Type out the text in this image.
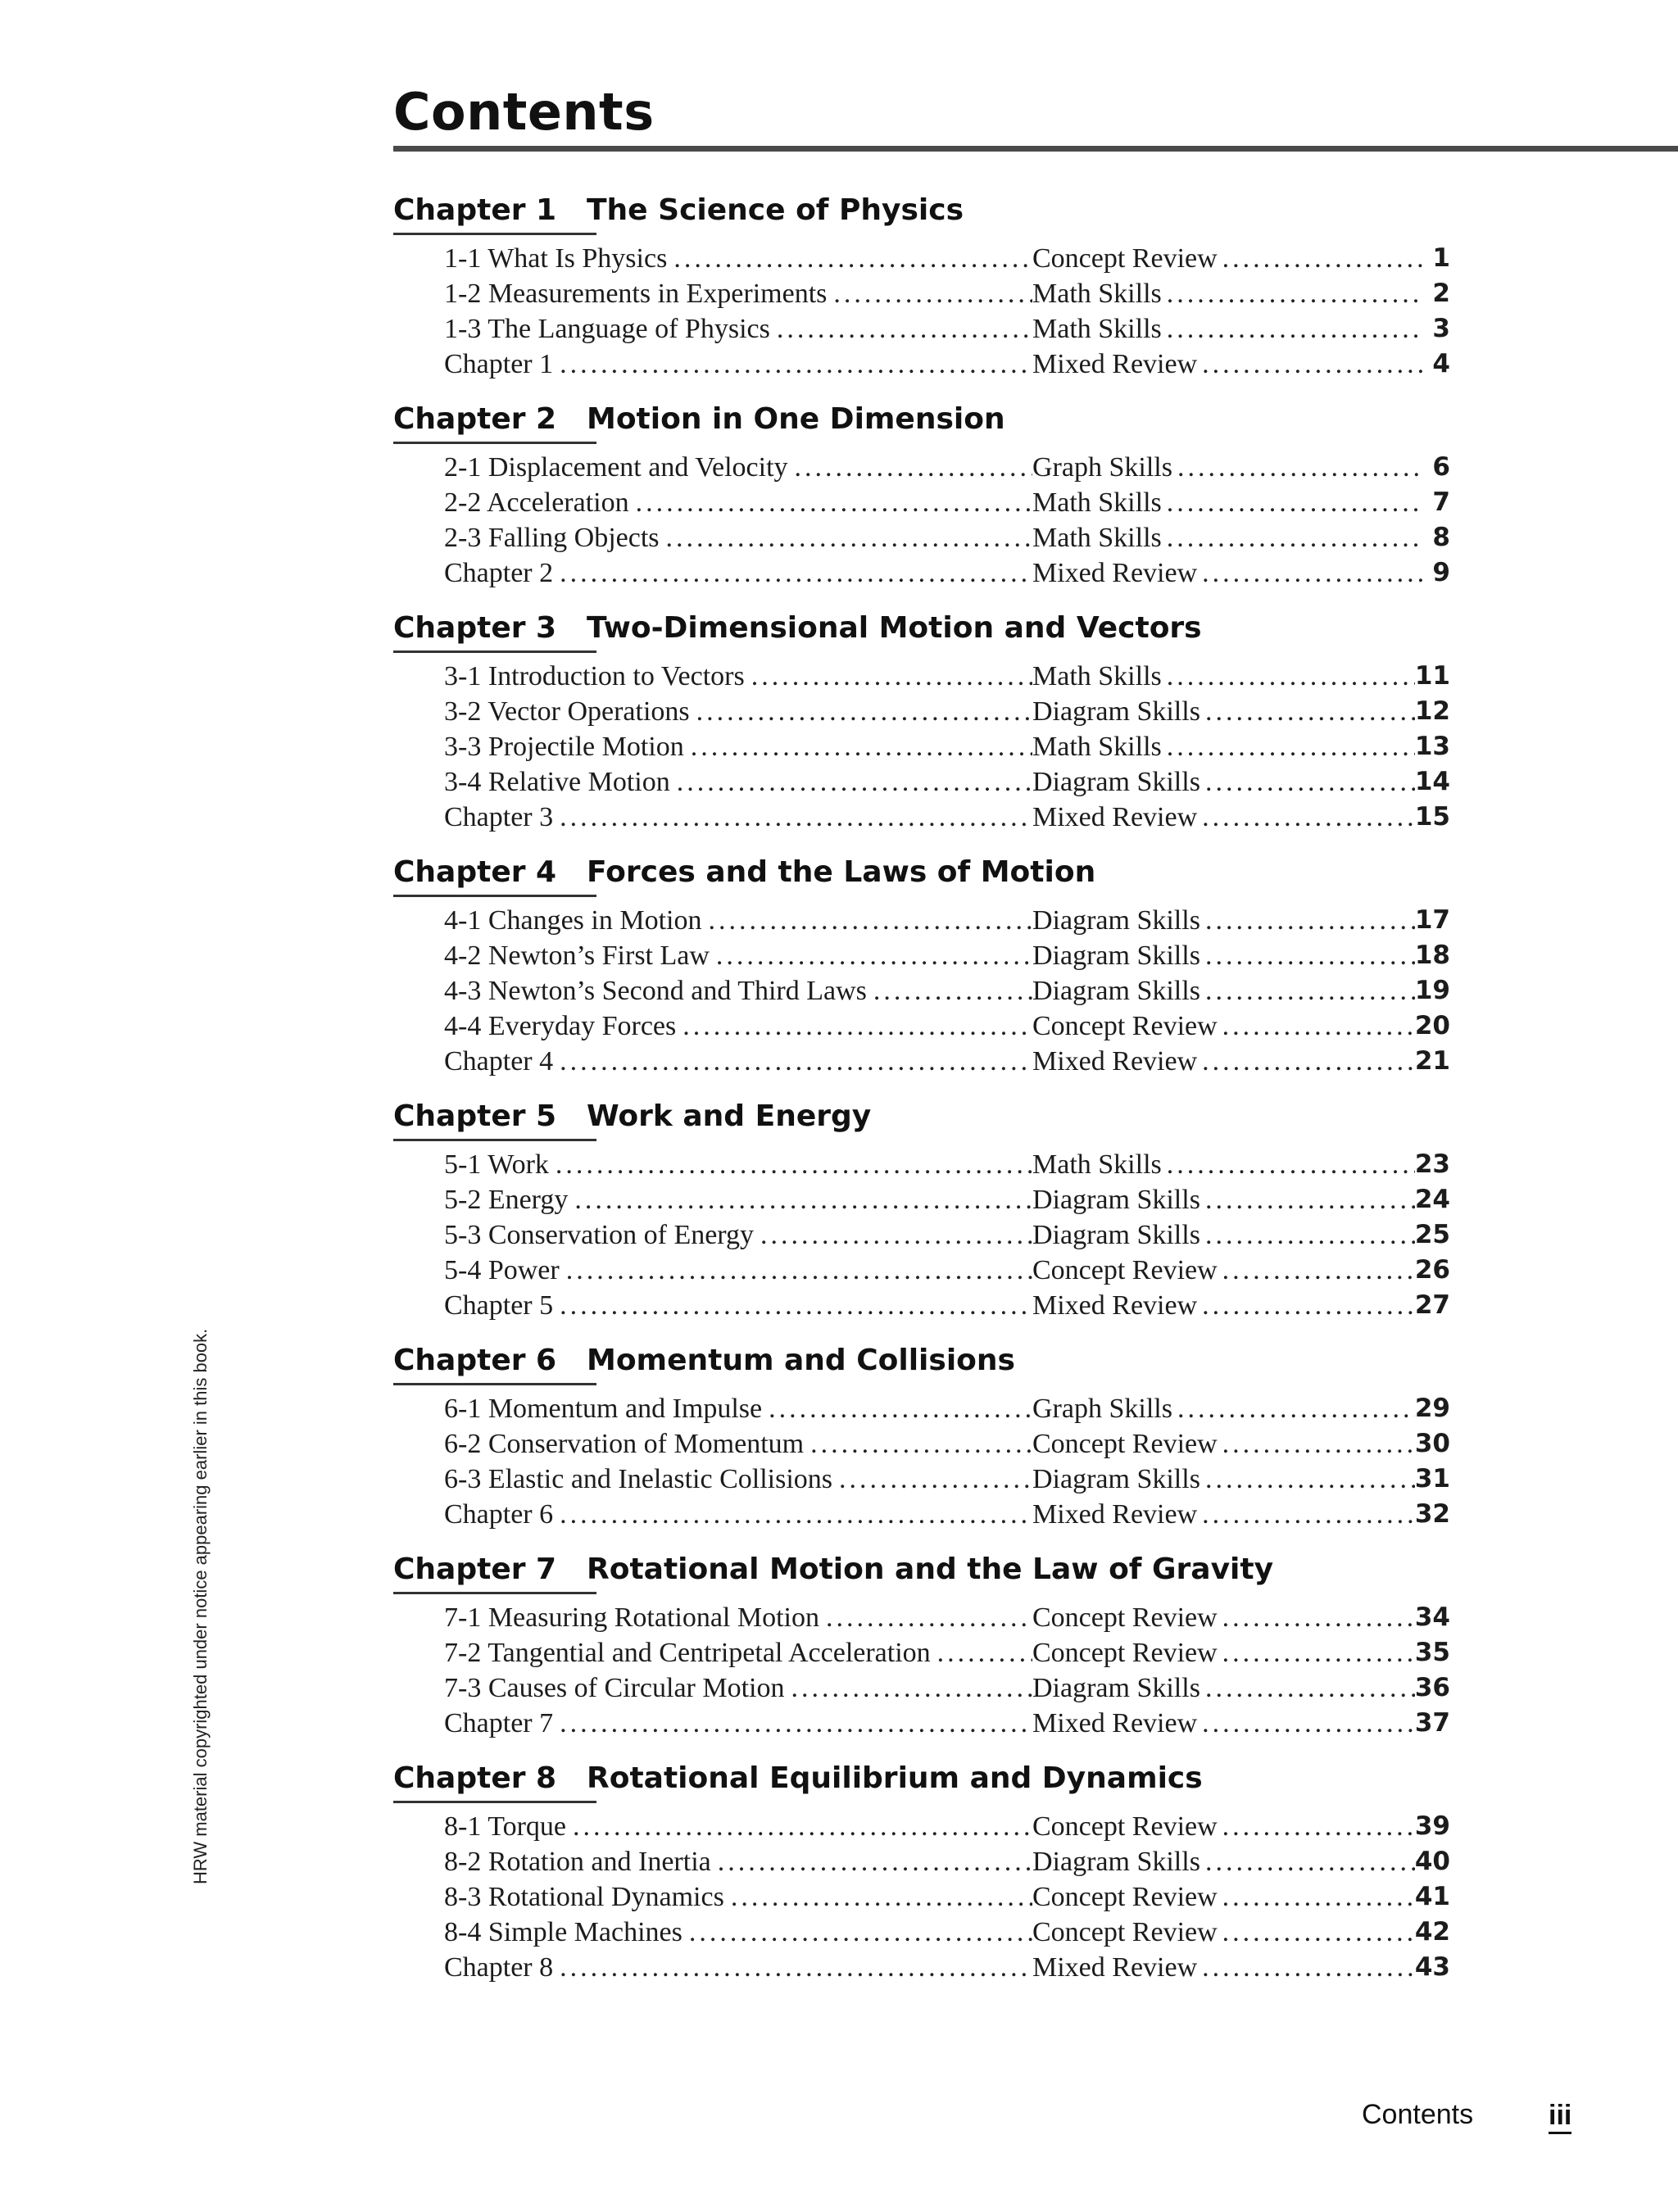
Contents
Chapter 1 The Science of Physics
1-1 What Is Physics .....	Concept Review .....	1
1-2 Measurements in Experiments .....	Math Skills .....	2
1-3 The Language of Physics .....	Math Skills .....	3
Chapter 1 .....	Mixed Review .....	4
Chapter 2 Motion in One Dimension
2-1 Displacement and Velocity .....	Graph Skills .....	6
2-2 Acceleration .....	Math Skills .....	7
2-3 Falling Objects .....	Math Skills .....	8
Chapter 2 .....	Mixed Review .....	9
Chapter 3 Two-Dimensional Motion and Vectors
3-1 Introduction to Vectors .....	Math Skills .....	11
3-2 Vector Operations .....	Diagram Skills .....	12
3-3 Projectile Motion .....	Math Skills .....	13
3-4 Relative Motion .....	Diagram Skills .....	14
Chapter 3 .....	Mixed Review .....	15
Chapter 4 Forces and the Laws of Motion
4-1 Changes in Motion .....	Diagram Skills .....	17
4-2 Newton’s First Law .....	Diagram Skills .....	18
4-3 Newton’s Second and Third Laws .....	Diagram Skills .....	19
4-4 Everyday Forces .....	Concept Review .....	20
Chapter 4 .....	Mixed Review .....	21
Chapter 5 Work and Energy
5-1 Work .....	Math Skills .....	23
5-2 Energy .....	Diagram Skills .....	24
5-3 Conservation of Energy .....	Diagram Skills .....	25
5-4 Power .....	Concept Review .....	26
Chapter 5 .....	Mixed Review .....	27
Chapter 6 Momentum and Collisions
6-1 Momentum and Impulse .....	Graph Skills .....	29
6-2 Conservation of Momentum .....	Concept Review .....	30
6-3 Elastic and Inelastic Collisions .....	Diagram Skills .....	31
Chapter 6 .....	Mixed Review .....	32
Chapter 7 Rotational Motion and the Law of Gravity
7-1 Measuring Rotational Motion .....	Concept Review .....	34
7-2 Tangential and Centripetal Acceleration .....	Concept Review .....	35
7-3 Causes of Circular Motion .....	Diagram Skills .....	36
Chapter 7 .....	Mixed Review .....	37
Chapter 8 Rotational Equilibrium and Dynamics
8-1 Torque .....	Concept Review .....	39
8-2 Rotation and Inertia .....	Diagram Skills .....	40
8-3 Rotational Dynamics .....	Concept Review .....	41
8-4 Simple Machines .....	Concept Review .....	42
Chapter 8 .....	Mixed Review .....	43
HRW material copyrighted under notice appearing earlier in this book.
Contents	iii
